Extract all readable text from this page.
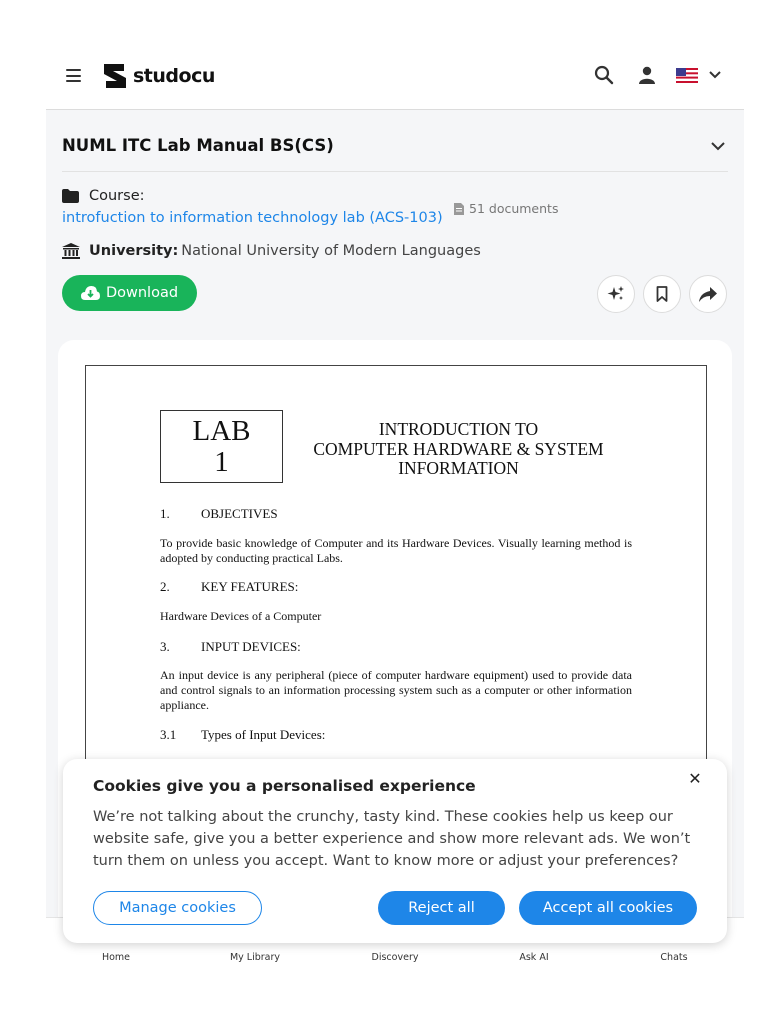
studocu
NUML ITC Lab Manual BS(CS)
Course:
introfuction to information technology lab (ACS-103)
51 documents
University: National University of Modern Languages
Download
LAB
1
INTRODUCTION TO
COMPUTER HARDWARE & SYSTEM
INFORMATION
1.	OBJECTIVES
To provide basic knowledge of Computer and its Hardware Devices. Visually learning method is adopted by conducting practical Labs.
2.	KEY FEATURES:
Hardware Devices of a Computer
3.	INPUT DEVICES:
An input device is any peripheral (piece of computer hardware equipment) used to provide data and control signals to an information processing system such as a computer or other information appliance.
3.1	Types of Input Devices:
Home	My Library	Discovery	Ask AI	Chats
Cookies give you a personalised experience	✕
We’re not talking about the crunchy, tasty kind. These cookies help us keep our website safe, give you a better experience and show more relevant ads. We won’t turn them on unless you accept. Want to know more or adjust your preferences?
Manage cookies	Reject all	Accept all cookies
